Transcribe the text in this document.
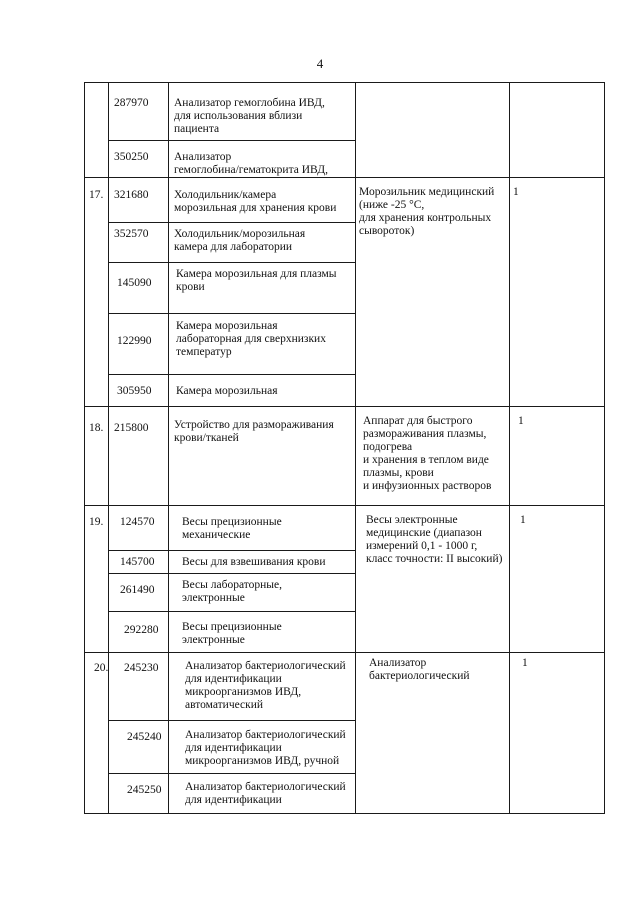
4
287970 Анализатор гемоглобина ИВД,
для использования вблизи
пациента
350250 Анализатор
гемоглобина/гематокрита ИВД,
17. 321680 Холодильник/камера
морозильная для хранения крови
352570 Холодильник/морозильная
камера для лаборатории
145090
Камера морозильная для плазмы
крови
122990
Камера морозильная
лабораторная для сверхнизких
температур
305950 Камера морозильная
Морозильник медицинский
(ниже -25 °С,
для хранения контрольных
сывороток)
1
18. 215800 Устройство для размораживания
крови/тканей
Аппарат для быстрого
размораживания плазмы,
подогрева
и хранения в теплом виде
плазмы, крови
и инфузионных растворов
1
19. 124570 Весы прецизионные
механические
145700 Весы для взвешивания крови
261490 Весы лабораторные,
электронные
292280 Весы прецизионные
электронные
Весы электронные
медицинские (диапазон
измерений 0,1 - 1000 г,
класс точности: II высокий)
1
20. 245230 Анализатор бактериологический
для идентификации
микроорганизмов ИВД,
автоматический
245240 Анализатор бактериологический
для идентификации
микроорганизмов ИВД, ручной
245250 Анализатор бактериологический
для идентификации
Анализатор
бактериологический
1
